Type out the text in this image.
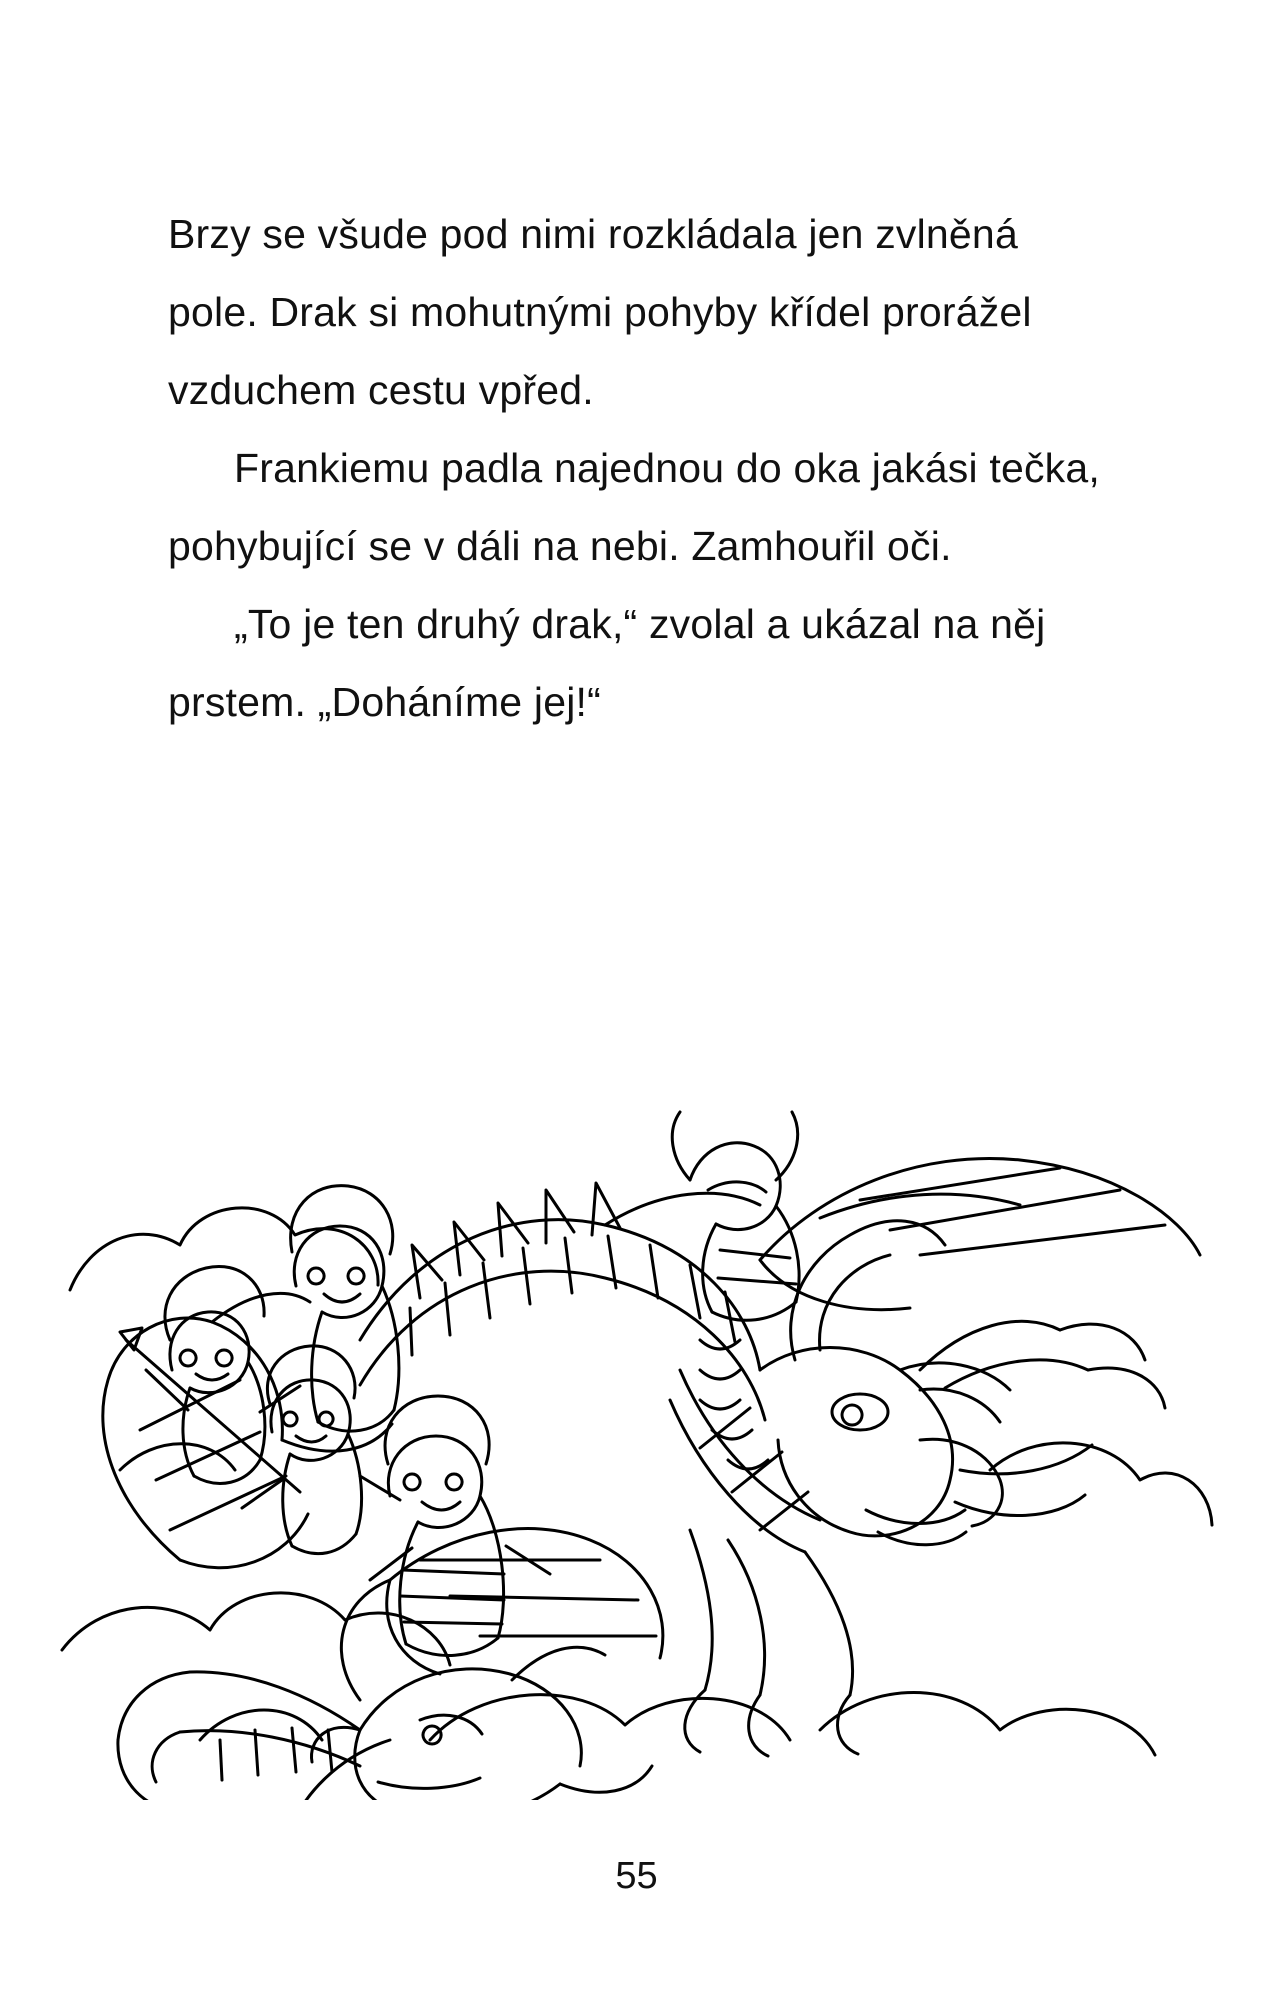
Brzy se všude pod nimi rozkládala jen zvlněná pole. Drak si mohutnými pohyby křídel prorážel vzduchem cestu vpřed.

Frankiemu padla najednou do oka jakási tečka, pohybující se v dáli na nebi. Zamhouřil oči.

„To je ten druhý drak,“ zvolal a ukázal na něj prstem. „Doháníme jej!“

55
